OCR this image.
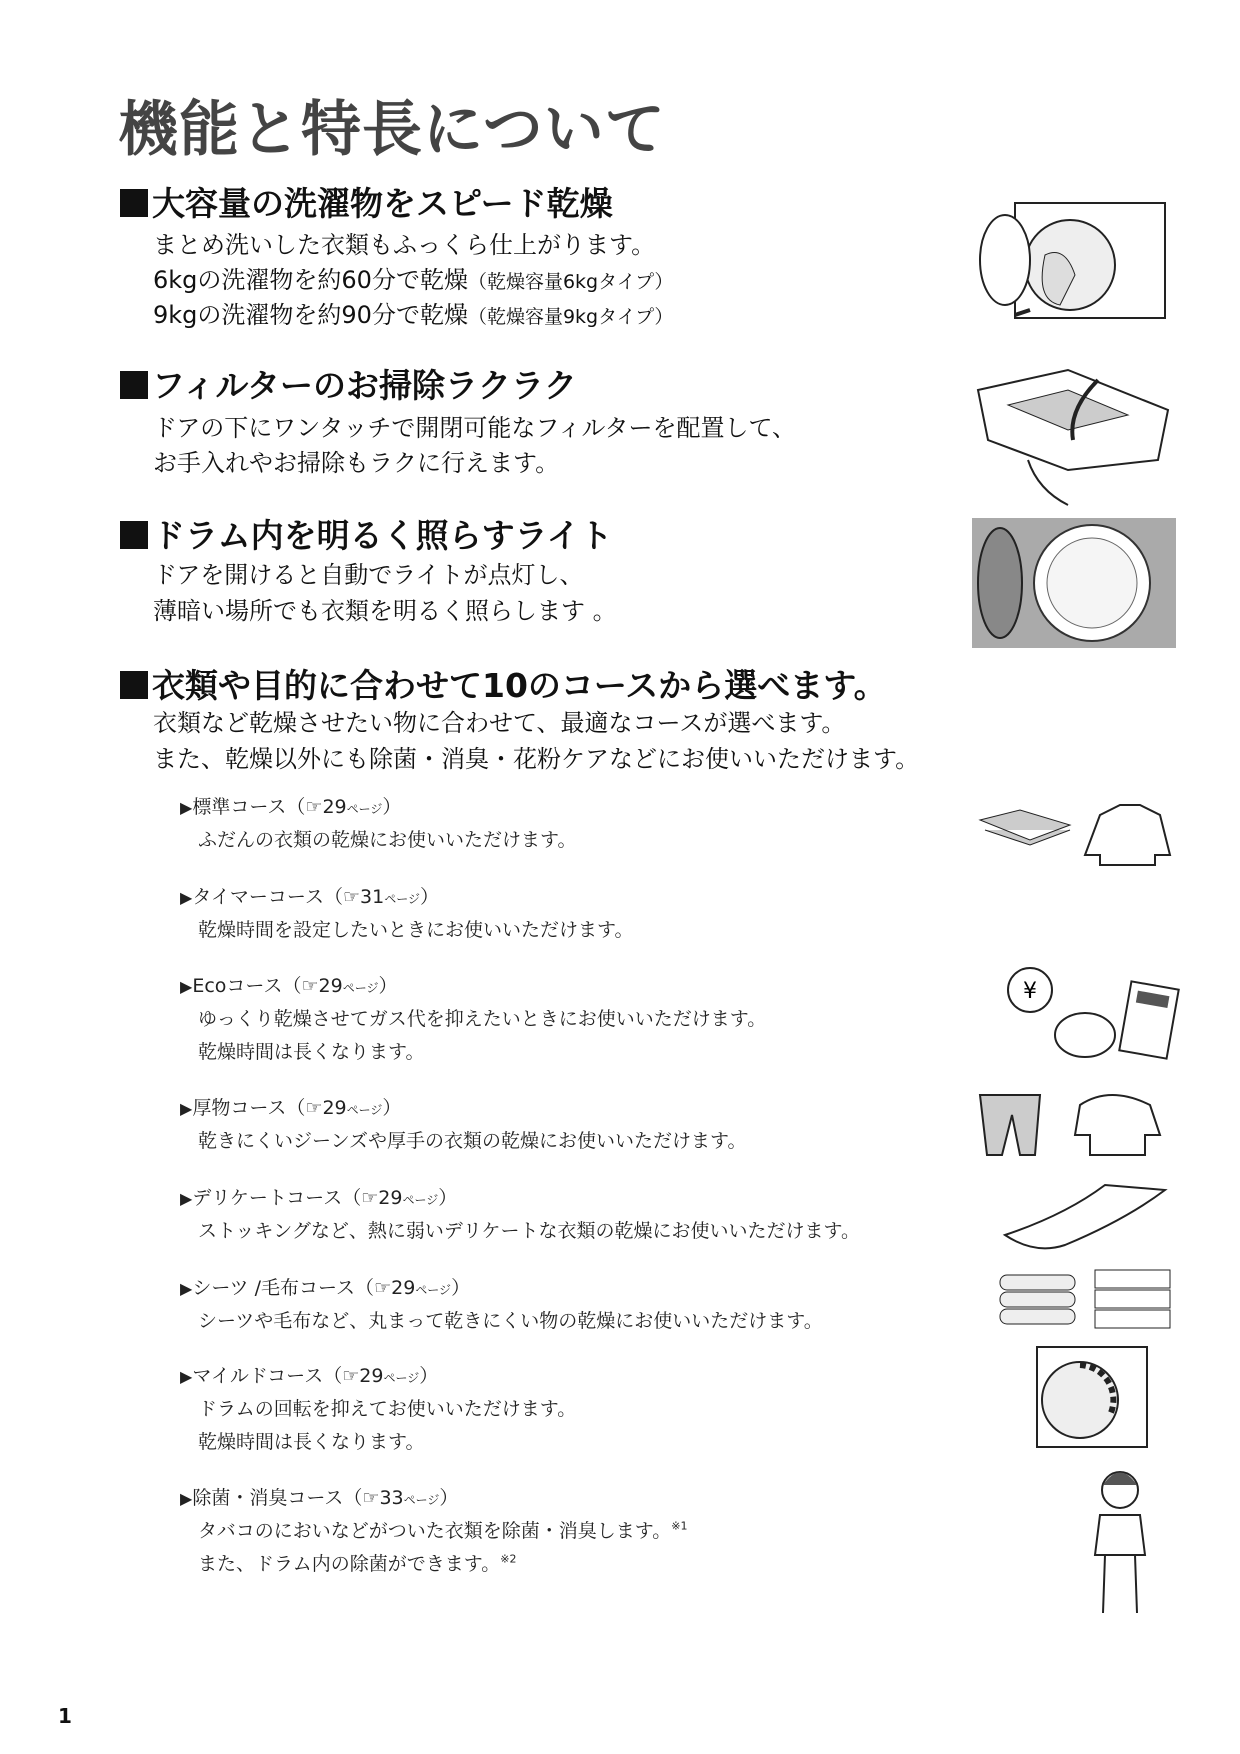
機能と特長について
大容量の洗濯物をスピード乾燥
まとめ洗いした衣類もふっくら仕上がります。
6kgの洗濯物を約60分で乾燥（乾燥容量6kgタイプ）
9kgの洗濯物を約90分で乾燥（乾燥容量9kgタイプ）
フィルターのお掃除ラクラク
ドアの下にワンタッチで開閉可能なフィルターを配置して、
お手入れやお掃除もラクに行えます。
ドラム内を明るく照らすライト
ドアを開けると自動でライトが点灯し、
薄暗い場所でも衣類を明るく照らします 。
衣類や目的に合わせて10のコースから選べます。
衣類など乾燥させたい物に合わせて、最適なコースが選べます。
また、乾燥以外にも除菌・消臭・花粉ケアなどにお使いいただけます。
▶標準コース（☞29ページ）
ふだんの衣類の乾燥にお使いいただけます。
▶タイマーコース（☞31ページ）
乾燥時間を設定したいときにお使いいただけます。
▶Ecoコース（☞29ページ）
ゆっくり乾燥させてガス代を抑えたいときにお使いいただけます。
乾燥時間は長くなります。
▶厚物コース（☞29ページ）
乾きにくいジーンズや厚手の衣類の乾燥にお使いいただけます。
▶デリケートコース（☞29ページ）
ストッキングなど、熱に弱いデリケートな衣類の乾燥にお使いいただけます。
▶シーツ /毛布コース（☞29ページ）
シーツや毛布など、丸まって乾きにくい物の乾燥にお使いいただけます。
▶マイルドコース（☞29ページ）
ドラムの回転を抑えてお使いいただけます。
乾燥時間は長くなります。
▶除菌・消臭コース（☞33ページ）
タバコのにおいなどがついた衣類を除菌・消臭します。$^{※1}$
また、ドラム内の除菌ができます。$^{※2}$
1
¥
